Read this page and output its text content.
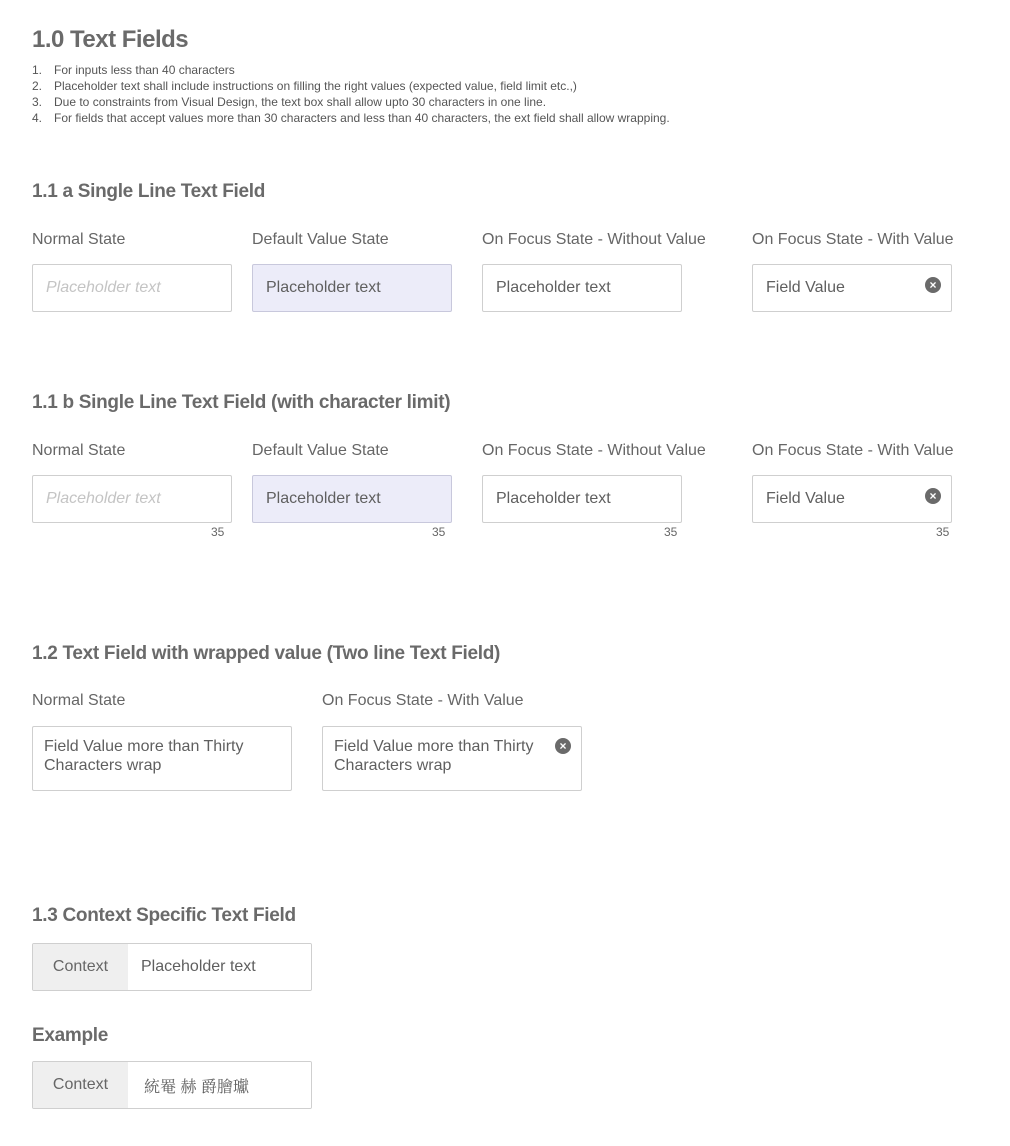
1.0 Text Fields
1. For inputs less than 40 characters
2. Placeholder text shall include instructions on filling the right values (expected value, field limit etc.,)
3. Due to constraints from Visual Design, the text box shall allow upto 30 characters in one line.
4. For fields that accept values more than 30 characters and less than 40 characters, the ext field shall allow wrapping.
1.1 a Single Line Text Field
Normal State	Default Value State	On Focus State - Without Value	On Focus State - With Value
Placeholder text	Placeholder text	Placeholder text	Field Value	×
1.1 b Single Line Text Field (with character limit)
Normal State	Default Value State	On Focus State - Without Value	On Focus State - With Value
Placeholder text	Placeholder text	Placeholder text	Field Value	×
35	35	35	35
1.2 Text Field with wrapped value (Two line Text Field)
Normal State	On Focus State - With Value
Field Value more than Thirty
Characters wrap
Field Value more than Thirty
Characters wrap
×
1.3 Context Specific Text Field
Context	Placeholder text
Example
Context	統罨 赫 爵膾瓛
